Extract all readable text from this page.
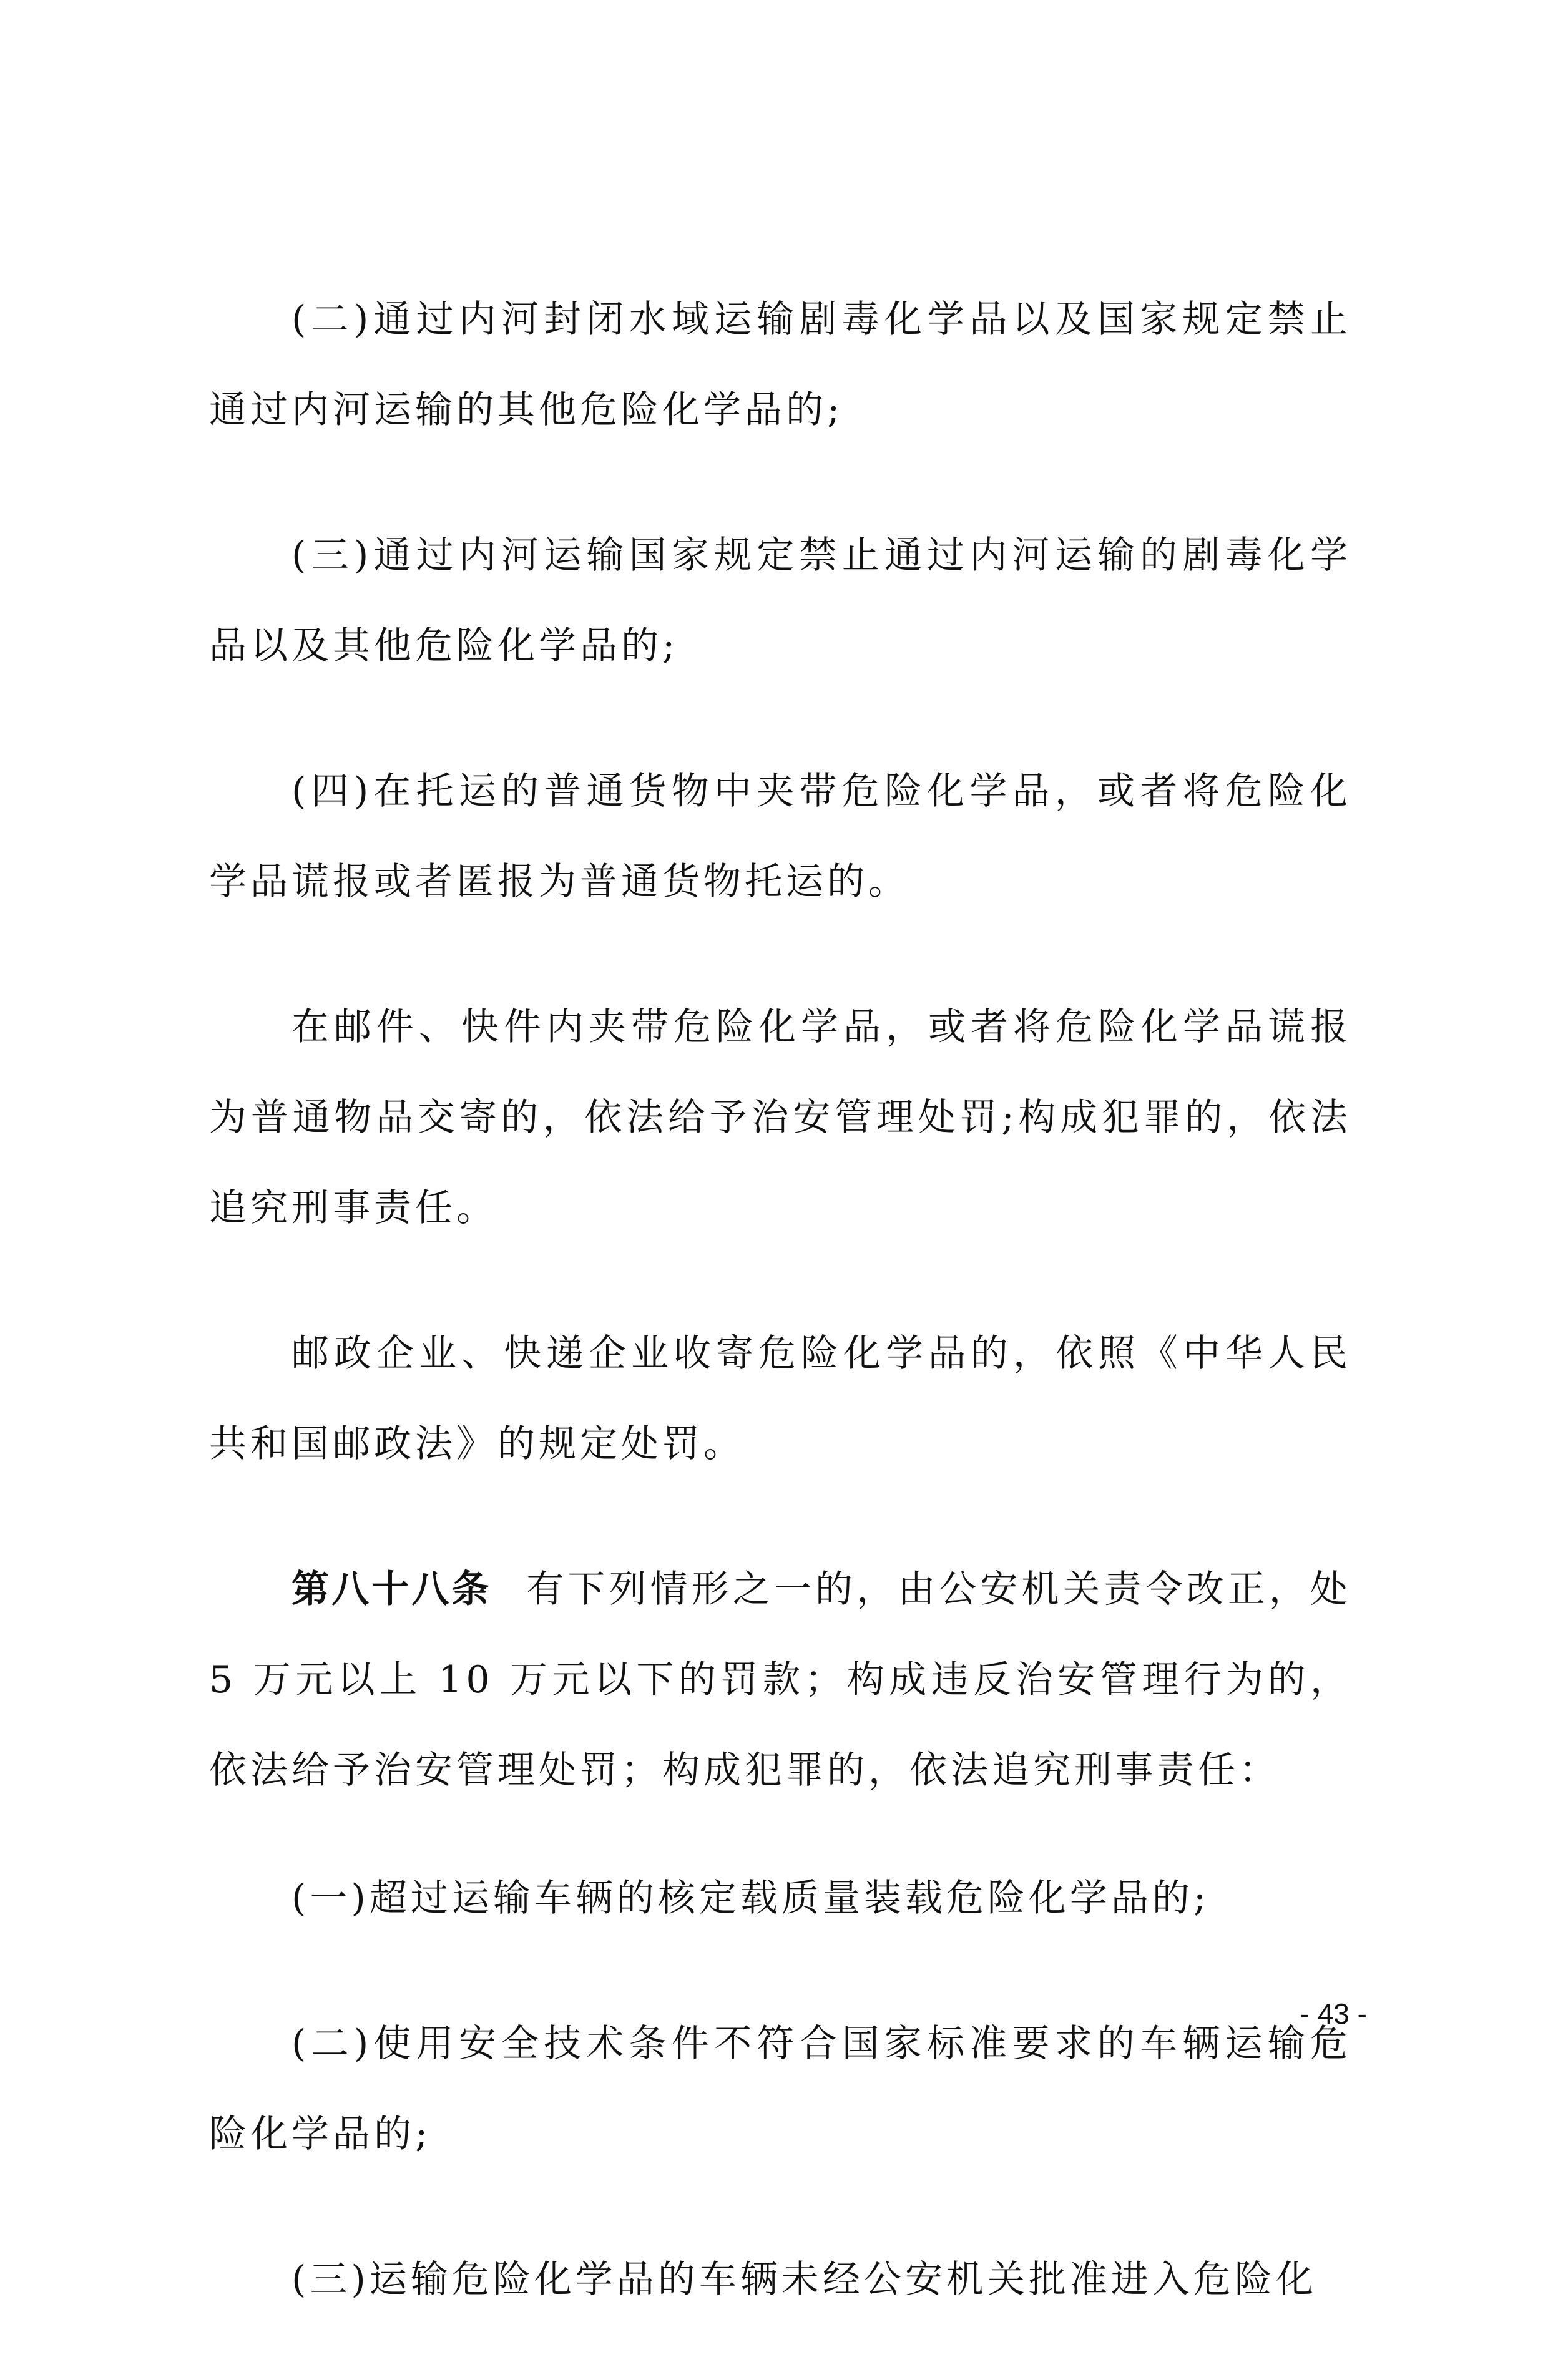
(二)通过内河封闭水域运输剧毒化学品以及国家规定禁止通过内河运输的其他危险化学品的;

(三)通过内河运输国家规定禁止通过内河运输的剧毒化学品以及其他危险化学品的;

(四)在托运的普通货物中夹带危险化学品，或者将危险化学品谎报或者匿报为普通货物托运的。

在邮件、快件内夹带危险化学品，或者将危险化学品谎报为普通物品交寄的，依法给予治安管理处罚;构成犯罪的，依法追究刑事责任。

邮政企业、快递企业收寄危险化学品的，依照《中华人民共和国邮政法》的规定处罚。

第八十八条 有下列情形之一的，由公安机关责令改正，处 5 万元以上 10 万元以下的罚款；构成违反治安管理行为的，依法给予治安管理处罚；构成犯罪的，依法追究刑事责任：

(一)超过运输车辆的核定载质量装载危险化学品的;

(二)使用安全技术条件不符合国家标准要求的车辆运输危险化学品的;

(三)运输危险化学品的车辆未经公安机关批准进入危险化

- 43 -
